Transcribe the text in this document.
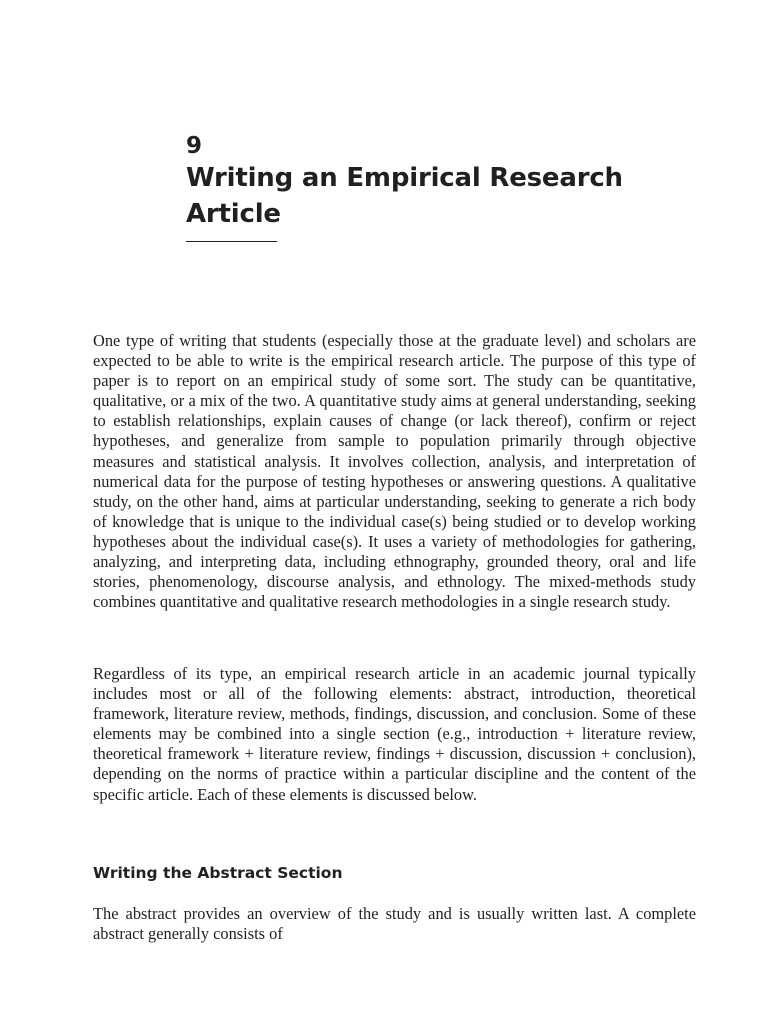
9
Writing an Empirical Research Article

One type of writing that students (especially those at the graduate level) and scholars are expected to be able to write is the empirical research article. The purpose of this type of paper is to report on an empirical study of some sort. The study can be quantitative, qualitative, or a mix of the two. A quantitative study aims at general understanding, seeking to establish relationships, explain causes of change (or lack thereof), confirm or reject hypotheses, and generalize from sample to population primarily through objective measures and statistical analysis. It involves collection, analysis, and interpretation of numerical data for the purpose of testing hypotheses or answering questions. A qualitative study, on the other hand, aims at particular understanding, seeking to generate a rich body of knowledge that is unique to the individual case(s) being studied or to develop working hypotheses about the individual case(s). It uses a variety of methodologies for gathering, analyzing, and interpreting data, including ethnography, grounded theory, oral and life stories, phenomenology, discourse analysis, and ethnology. The mixed-methods study combines quantitative and qualitative research methodologies in a single research study.

Regardless of its type, an empirical research article in an academic journal typically includes most or all of the following elements: abstract, introduction, theoretical framework, literature review, methods, findings, discussion, and conclusion. Some of these elements may be combined into a single section (e.g., introduction + literature review, theoretical framework + literature review, findings + discussion, discussion + conclusion), depending on the norms of practice within a particular discipline and the content of the specific article. Each of these elements is discussed below.

Writing the Abstract Section

The abstract provides an overview of the study and is usually written last. A complete abstract generally consists of
